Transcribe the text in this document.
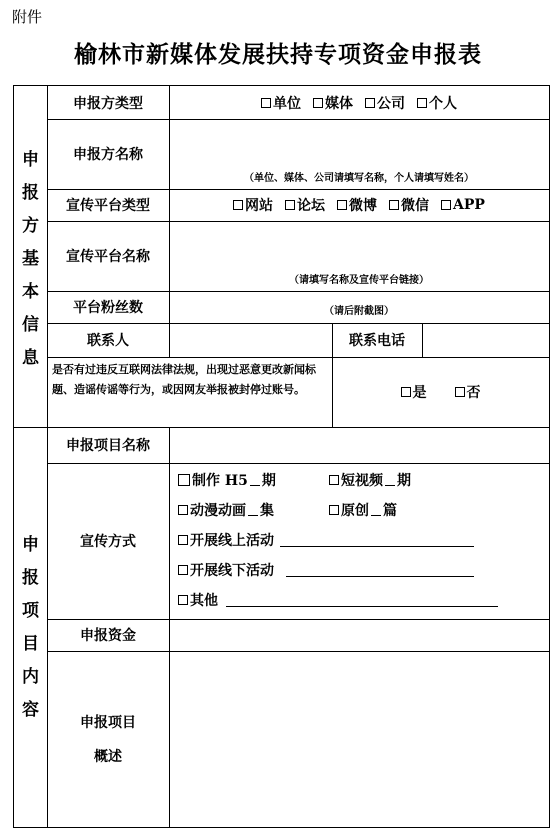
附件
榆林市新媒体发展扶持专项资金申报表
申
报
方
基
本
信
息
申报方类型	单位 媒体 公司 个人
申报方名称
（单位、媒体、公司请填写名称，个人请填写姓名）
宣传平台类型	网站 论坛 微博 微信 APP
宣传平台名称
（请填写名称及宣传平台链接）
平台粉丝数	（请后附截图）
联系人	联系电话
是否有过违反互联网法律法规，出现过恶意更改新闻标题、造谣传谣等行为，或因网友举报被封停过账号。	是	否
申
报
项
目
内
容
申报项目名称
宣传方式
制作 H5 期	短视频 期
动漫动画 集	原创 篇
开展线上活动
开展线下活动
其他
申报资金
申报项目
概述
